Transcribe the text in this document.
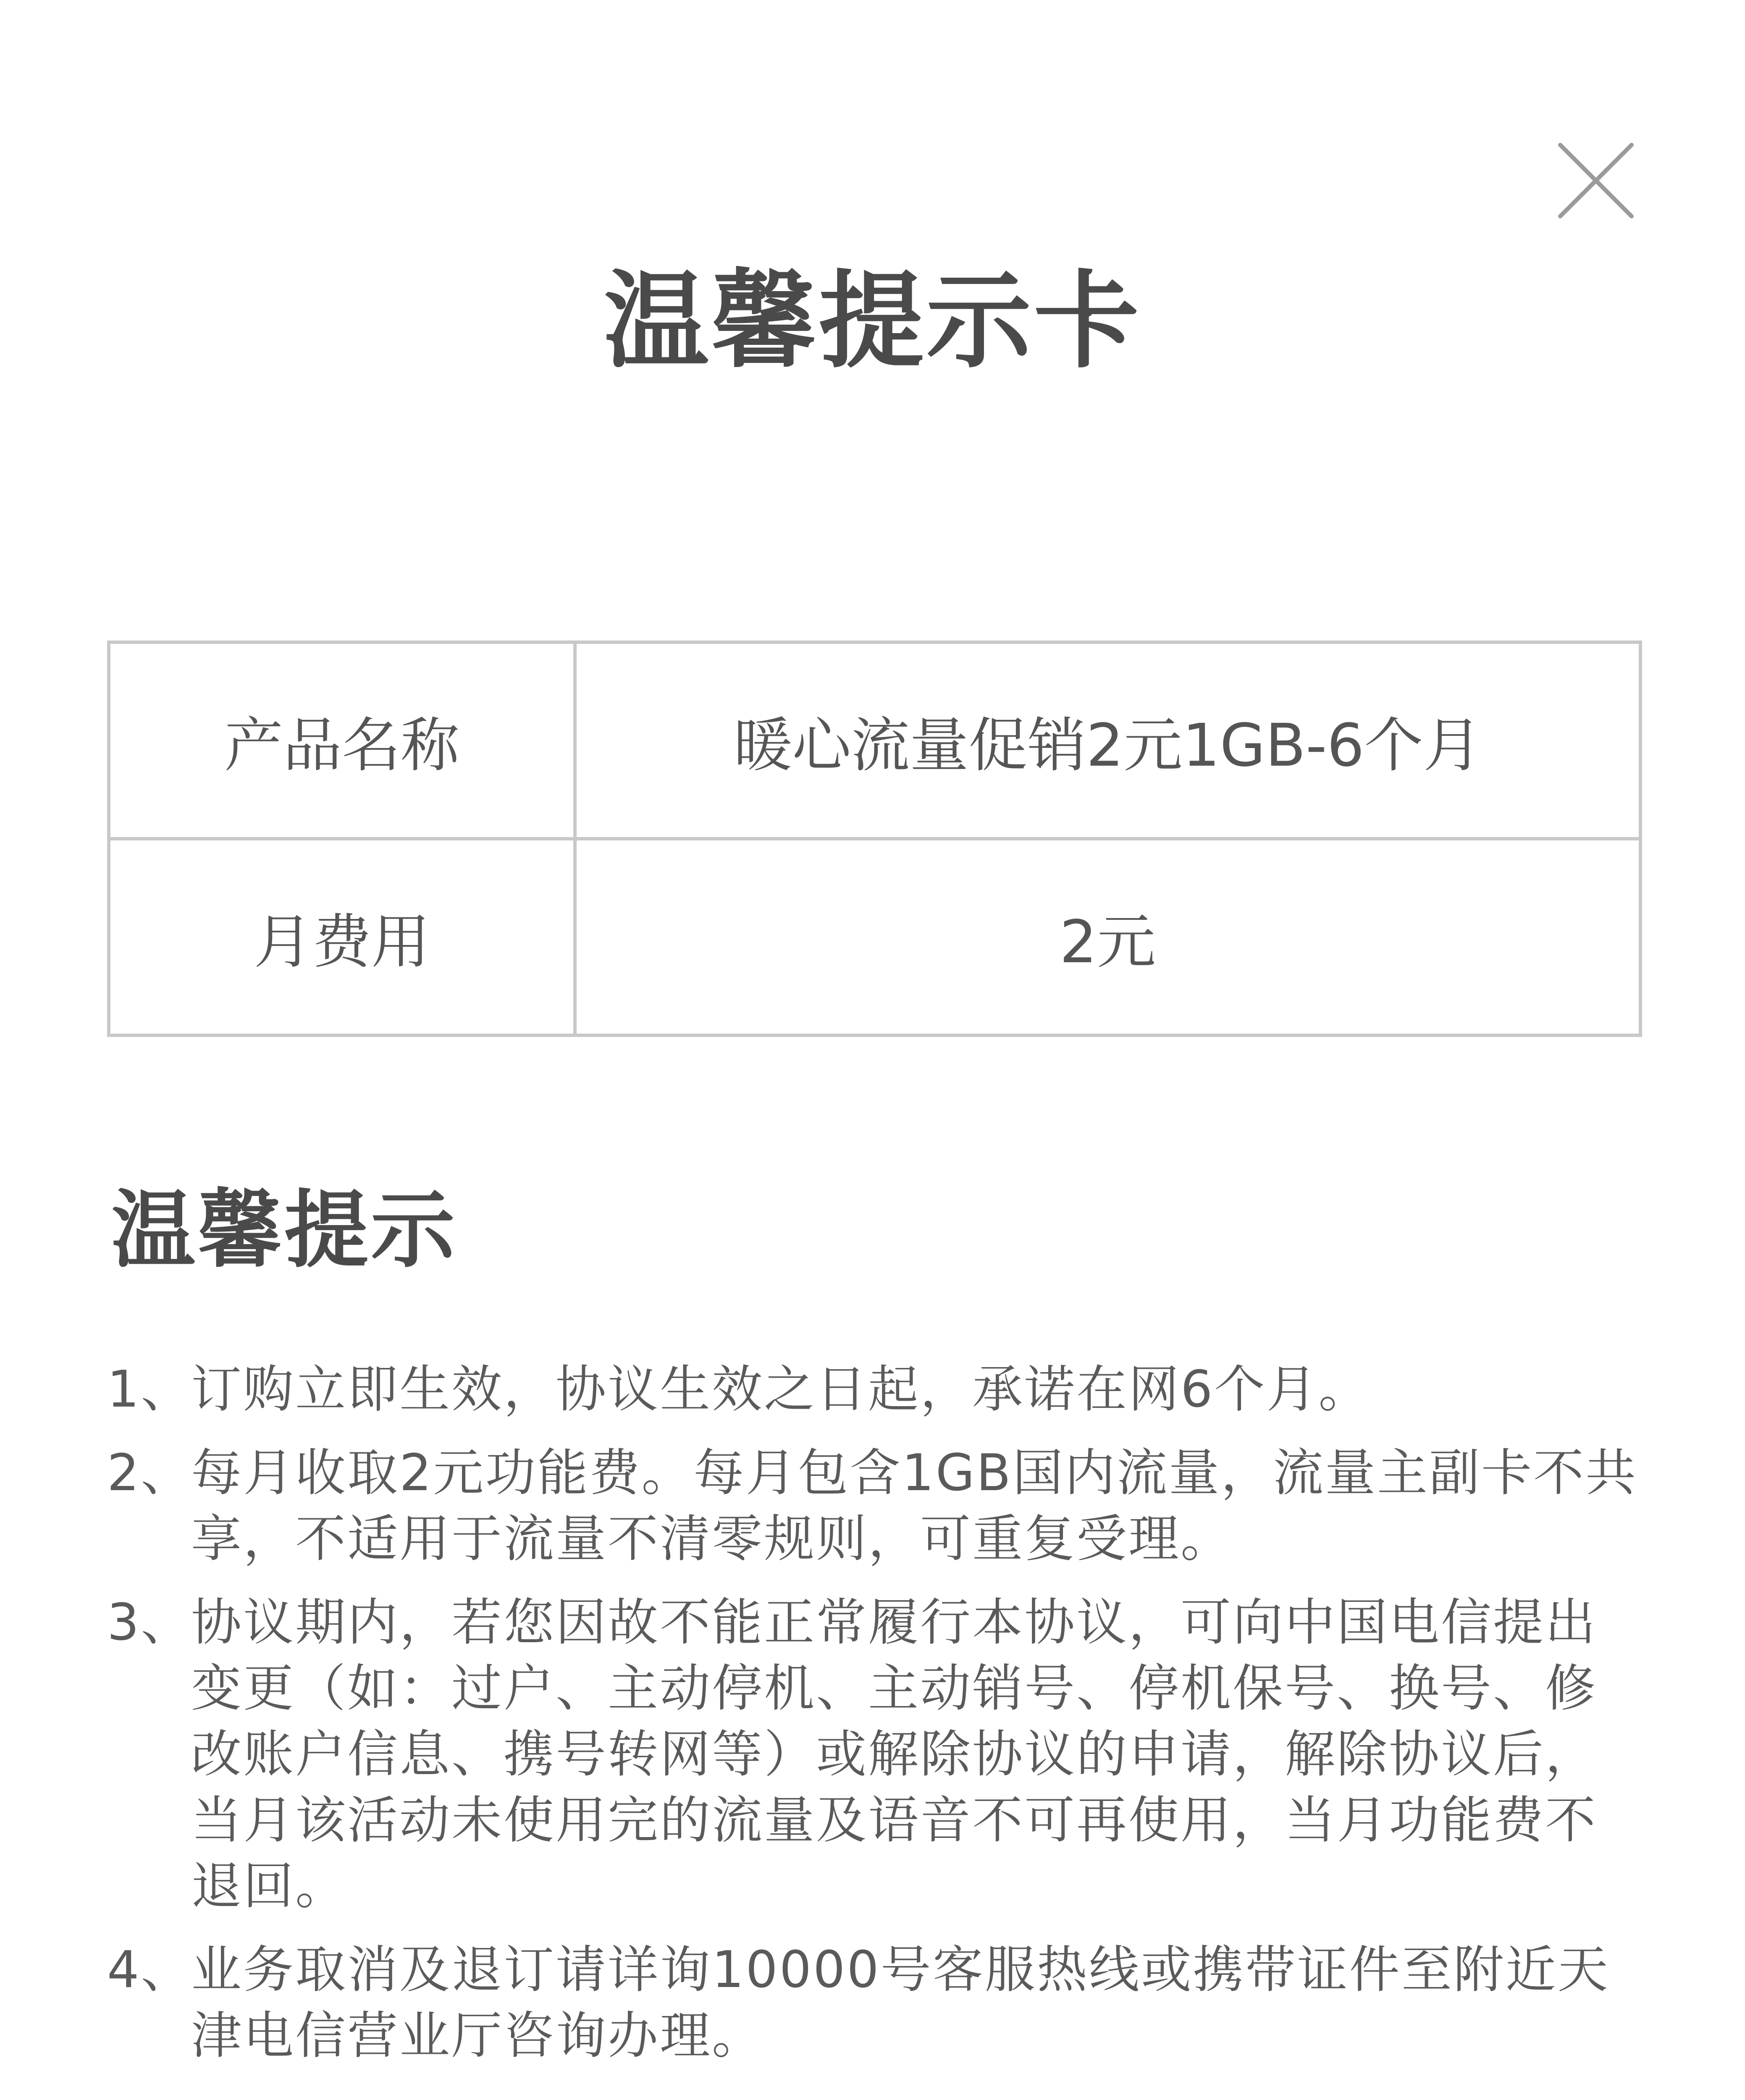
温馨提示卡
产品名称	暖心流量促销2元1GB-6个月
月费用	2元
温馨提示
1、
订购立即生效，协议生效之日起，承诺在网6个月。
2、
每月收取2元功能费。每月包含1GB国内流量，流量主副卡不共享，不适用于流量不清零规则，可重复受理。
3、
协议期内，若您因故不能正常履行本协议，可向中国电信提出变更（如：过户、主动停机、主动销号、停机保号、换号、修改账户信息、携号转网等）或解除协议的申请，解除协议后，当月该活动未使用完的流量及语音不可再使用，当月功能费不退回。
4、
业务取消及退订请详询10000号客服热线或携带证件至附近天津电信营业厅咨询办理。
